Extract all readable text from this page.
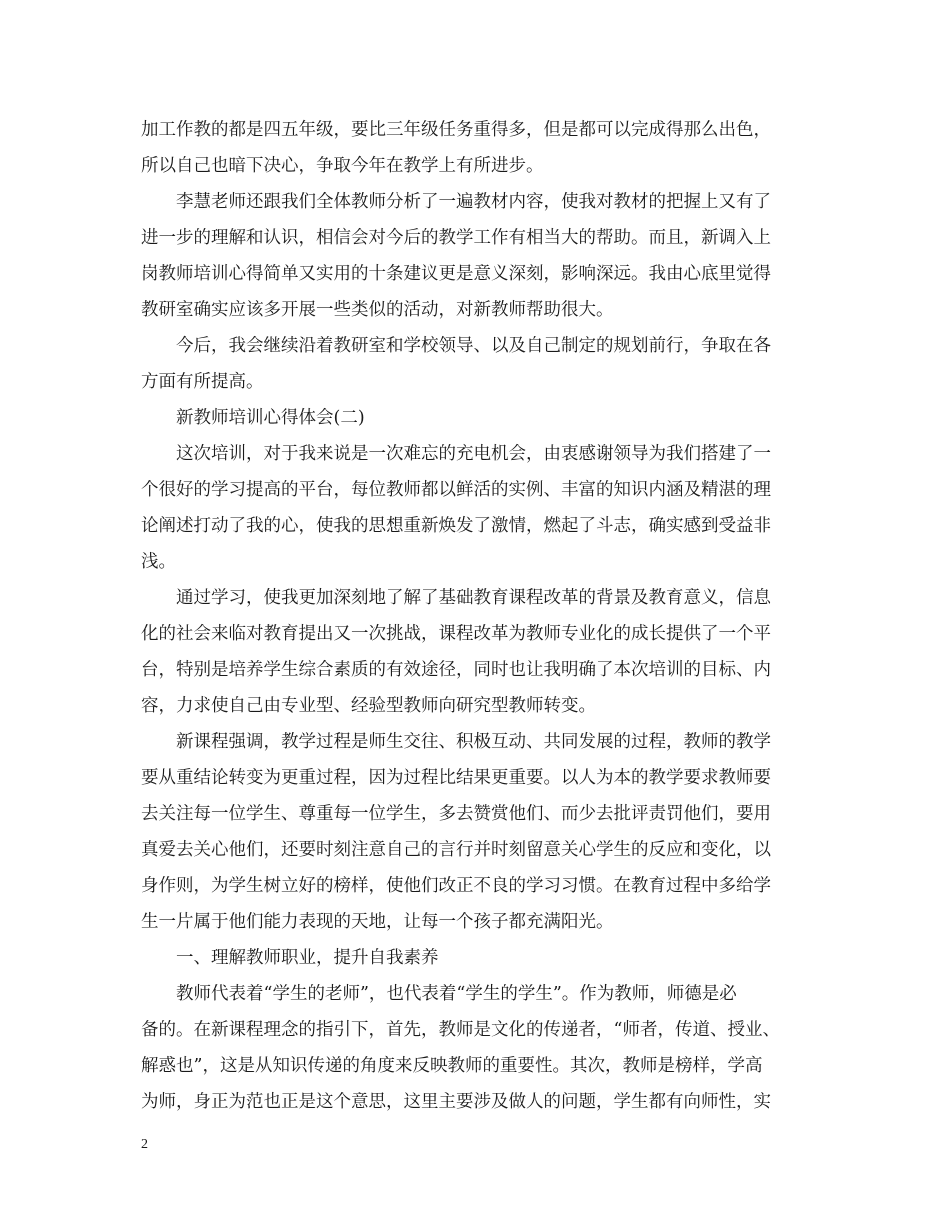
加工作教的都是四五年级，要比三年级任务重得多，但是都可以完成得那么出色，
所以自己也暗下决心，争取今年在教学上有所进步。
李慧老师还跟我们全体教师分析了一遍教材内容，使我对教材的把握上又有了
进一步的理解和认识，相信会对今后的教学工作有相当大的帮助。而且，新调入上
岗教师培训心得简单又实用的十条建议更是意义深刻，影响深远。我由心底里觉得
教研室确实应该多开展一些类似的活动，对新教师帮助很大。
今后，我会继续沿着教研室和学校领导、以及自己制定的规划前行，争取在各
方面有所提高。
新教师培训心得体会(二)
这次培训，对于我来说是一次难忘的充电机会，由衷感谢领导为我们搭建了一
个很好的学习提高的平台，每位教师都以鲜活的实例、丰富的知识内涵及精湛的理
论阐述打动了我的心，使我的思想重新焕发了激情，燃起了斗志，确实感到受益非
浅。
通过学习，使我更加深刻地了解了基础教育课程改革的背景及教育意义，信息
化的社会来临对教育提出又一次挑战，课程改革为教师专业化的成长提供了一个平
台，特别是培养学生综合素质的有效途径，同时也让我明确了本次培训的目标、内
容，力求使自己由专业型、经验型教师向研究型教师转变。
新课程强调，教学过程是师生交往、积极互动、共同发展的过程，教师的教学
要从重结论转变为更重过程，因为过程比结果更重要。以人为本的教学要求教师要
去关注每一位学生、尊重每一位学生，多去赞赏他们、而少去批评责罚他们，要用
真爱去关心他们，还要时刻注意自己的言行并时刻留意关心学生的反应和变化，以
身作则，为学生树立好的榜样，使他们改正不良的学习习惯。在教育过程中多给学
生一片属于他们能力表现的天地，让每一个孩子都充满阳光。
一、理解教师职业，提升自我素养
教师代表着“学生的老师”，也代表着“学生的学生”。作为教师，师德是必
备的。在新课程理念的指引下，首先，教师是文化的传递者，“师者，传道、授业、
解惑也”，这是从知识传递的角度来反映教师的重要性。其次，教师是榜样，学高
为师，身正为范也正是这个意思，这里主要涉及做人的问题，学生都有向师性，实
2
